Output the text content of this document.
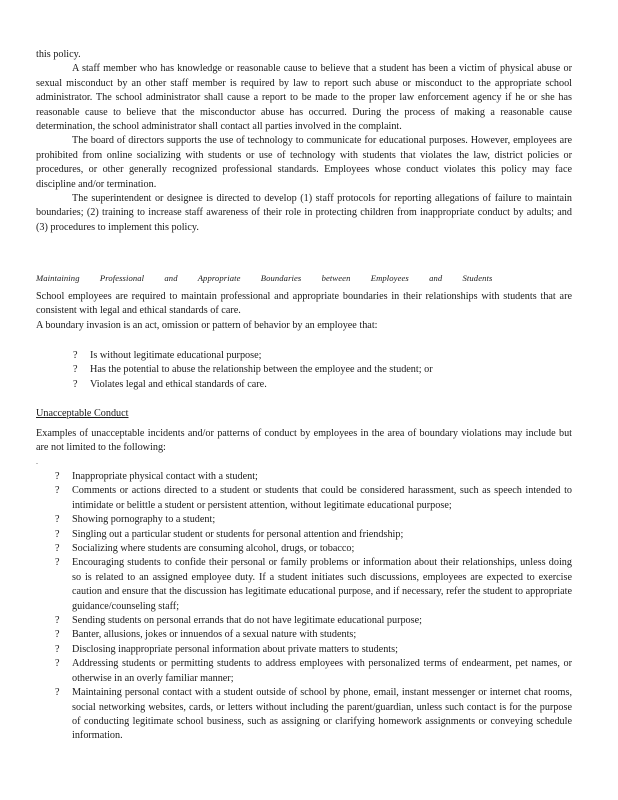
this policy.

A staff member who has knowledge or reasonable cause to believe that a student has been a victim of physical abuse or sexual misconduct by an other staff member is required by law to report such abuse or misconduct to the appropriate school administrator. The school administrator shall cause a report to be made to the proper law enforcement agency if he or she has reasonable cause to believe that the misconductor abuse has occurred. During the process of making a reasonable cause determination, the school administrator shall contact all parties involved in the complaint.

The board of directors supports the use of technology to communicate for educational purposes. However, employees are prohibited from online socializing with students or use of technology with students that violates the law, district policies or procedures, or other generally recognized professional standards. Employees whose conduct violates this policy may face discipline and/or termination.

The superintendent or designee is directed to develop (1) staff protocols for reporting allegations of failure to maintain boundaries; (2) training to increase staff awareness of their role in protecting children from inappropriate conduct by adults; and (3) procedures to implement this policy.

Maintaining Professional and Appropriate Boundaries between Employees and Students

School employees are required to maintain professional and appropriate boundaries in their relationships with students that are consistent with legal and ethical standards of care.

A boundary invasion is an act, omission or pattern of behavior by an employee that:

? Is without legitimate educational purpose;
? Has the potential to abuse the relationship between the employee and the student; or
? Violates legal and ethical standards of care.

Unacceptable Conduct

Examples of unacceptable incidents and/or patterns of conduct by employees in the area of boundary violations may include but are not limited to the following:

.
? Inappropriate physical contact with a student;
? Comments or actions directed to a student or students that could be considered harassment, such as speech intended to intimidate or belittle a student or persistent attention, without legitimate educational purpose;
? Showing pornography to a student;
? Singling out a particular student or students for personal attention and friendship;
? Socializing where students are consuming alcohol, drugs, or tobacco;
? Encouraging students to confide their personal or family problems or information about their relationships, unless doing so is related to an assigned employee duty. If a student initiates such discussions, employees are expected to exercise caution and ensure that the discussion has legitimate educational purpose, and if necessary, refer the student to appropriate guidance/counseling staff;
? Sending students on personal errands that do not have legitimate educational purpose;
? Banter, allusions, jokes or innuendos of a sexual nature with students;
? Disclosing inappropriate personal information about private matters to students;
? Addressing students or permitting students to address employees with personalized terms of endearment, pet names, or otherwise in an overly familiar manner;
? Maintaining personal contact with a student outside of school by phone, email, instant messenger or internet chat rooms, social networking websites, cards, or letters without including the parent/guardian, unless such contact is for the purpose of conducting legitimate school business, such as assigning or clarifying homework assignments or conveying schedule information.
